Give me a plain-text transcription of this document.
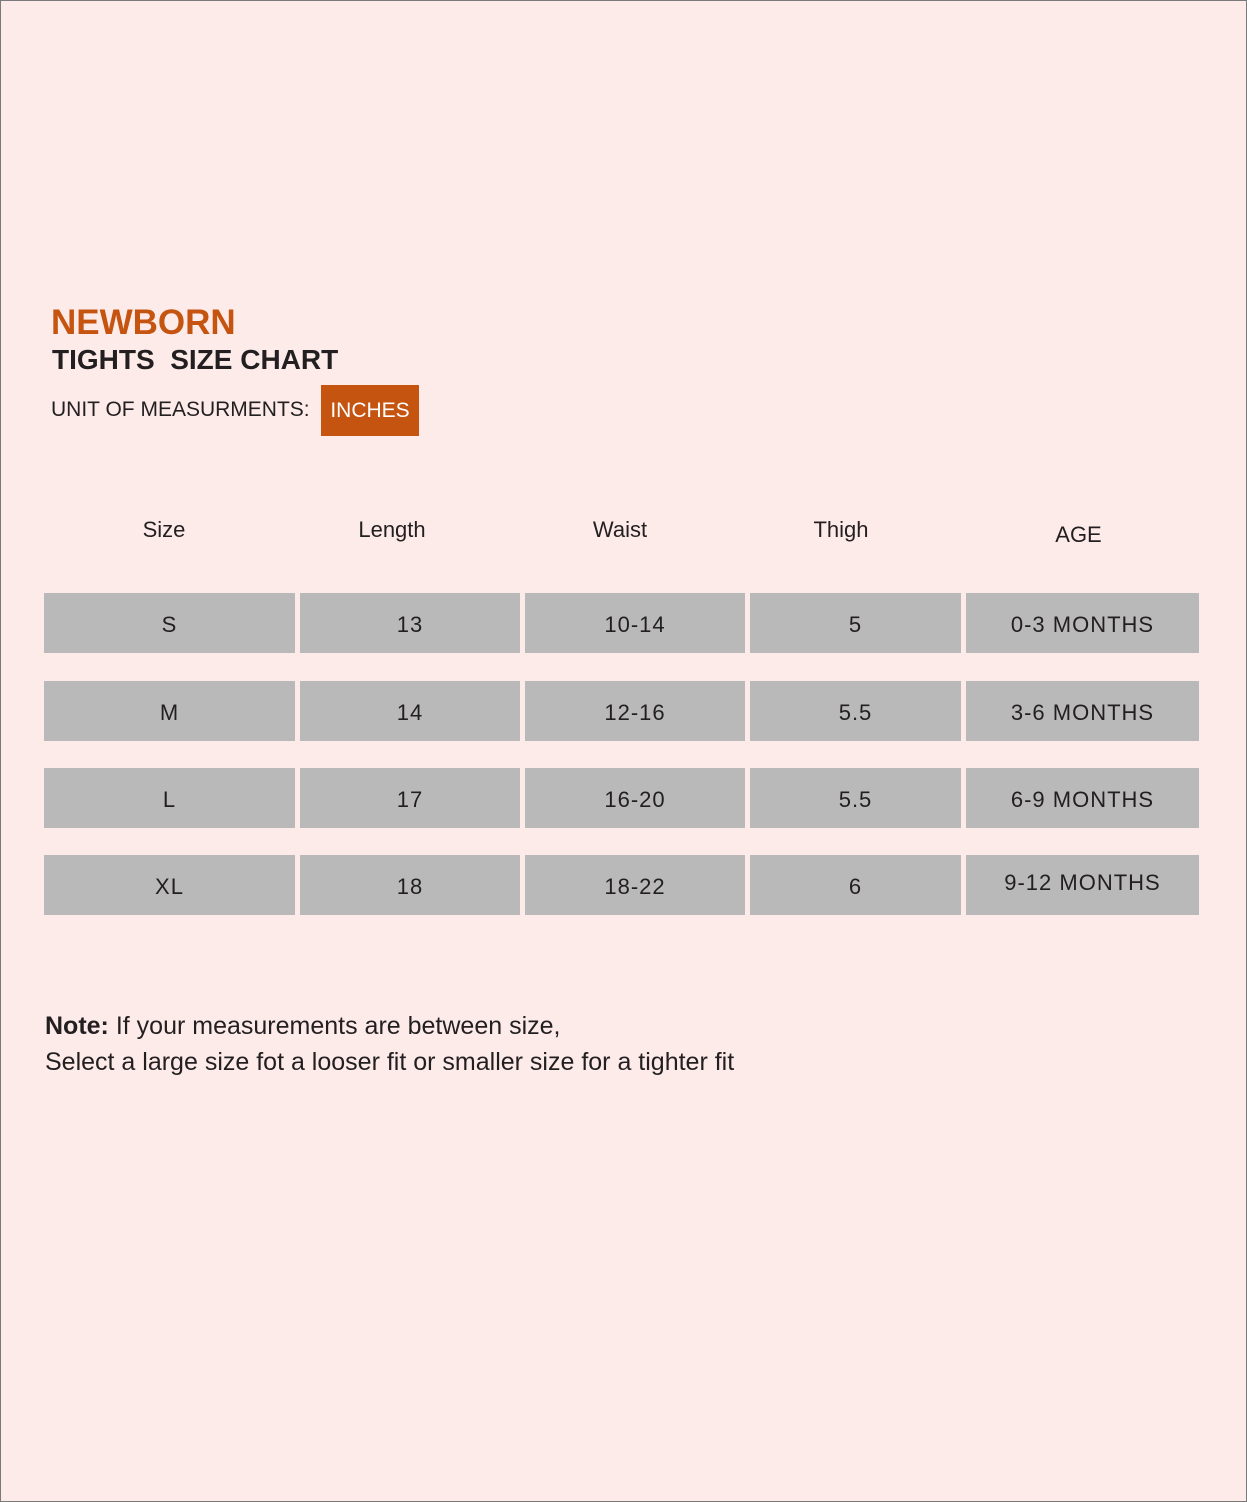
NEWBORN
TIGHTS  SIZE CHART
UNIT OF MEASURMENTS: INCHES
Size	Length	Waist	Thigh	AGE
S	13	10-14	5	0-3 MONTHS
M	14	12-16	5.5	3-6 MONTHS
L	17	16-20	5.5	6-9 MONTHS
XL	18	18-22	6	9-12 MONTHS

Note: If your measurements are between size,
Select a large size fot a looser fit or smaller size for a tighter fit
